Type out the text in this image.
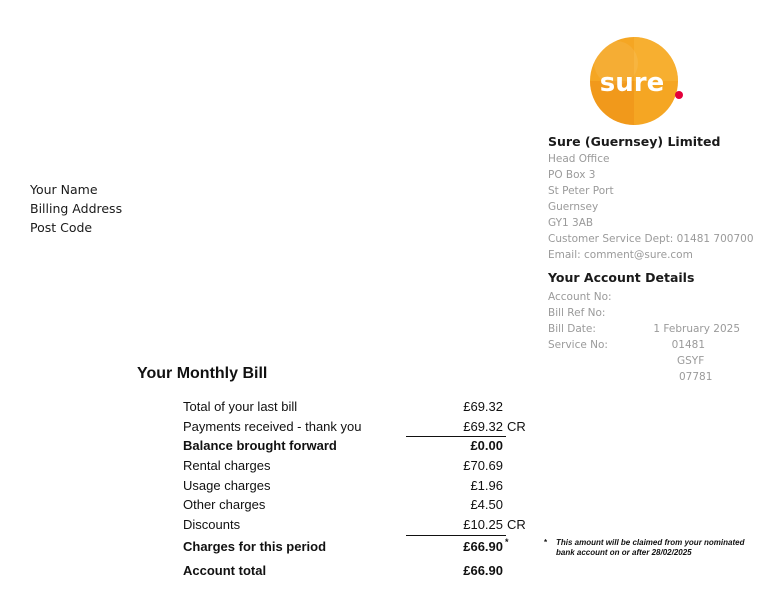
sure
Sure (Guernsey) Limited
Head Office
PO Box 3
St Peter Port
Guernsey
GY1 3AB
Customer Service Dept: 01481 700700
Email: comment@sure.com
Your Account Details
Account No:
Bill Ref No:
Bill Date:	1 February 2025
Service No:	01481
GSYF
07781
Your Name
Billing Address
Post Code
Your Monthly Bill
Total of your last bill	£69.32
Payments received - thank you	£69.32 CR
Balance brought forward	£0.00
Rental charges	£70.69
Usage charges	£1.96
Other charges	£4.50
Discounts	£10.25 CR
Charges for this period	£66.90 *
Account total	£66.90
* This amount will be claimed from your nominated bank account on or after 28/02/2025
